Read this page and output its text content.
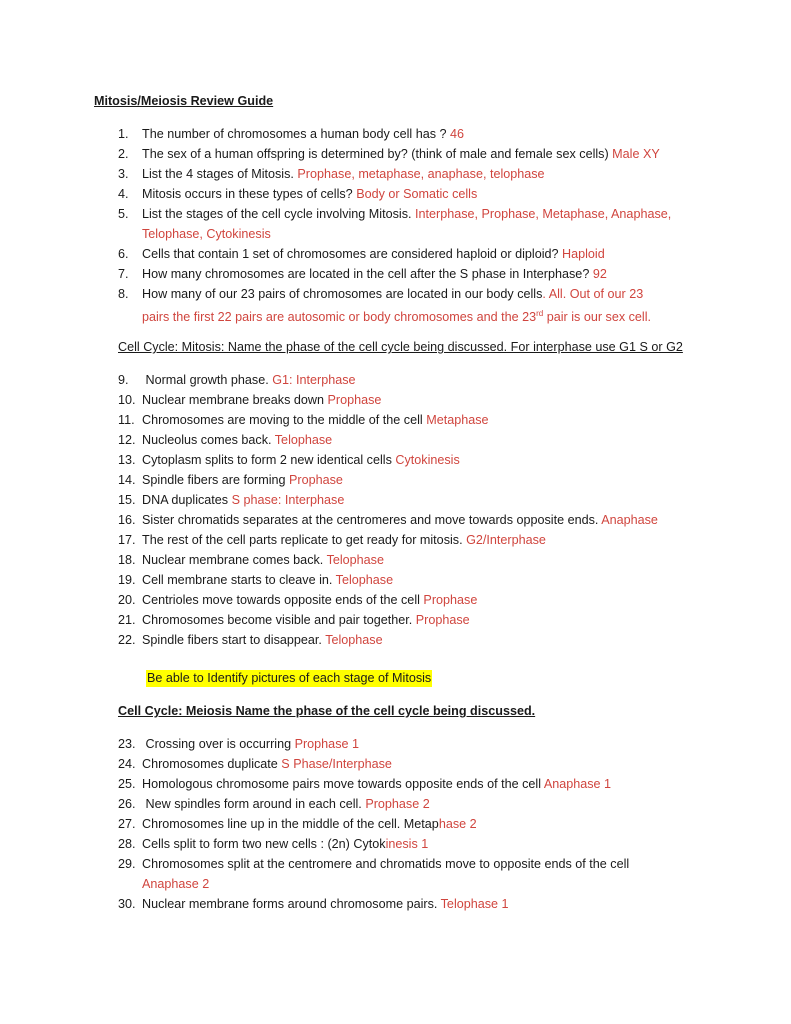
Mitosis/Meiosis Review Guide
1. The number of chromosomes a human body cell has ? 46
2. The sex of a human offspring is determined by? (think of male and female sex cells) Male XY
3. List the 4 stages of Mitosis. Prophase, metaphase, anaphase, telophase
4. Mitosis occurs in these types of cells? Body or Somatic cells
5. List the stages of the cell cycle involving Mitosis. Interphase, Prophase, Metaphase, Anaphase,
Telophase, Cytokinesis
6. Cells that contain 1 set of chromosomes are considered haploid or diploid? Haploid
7. How many chromosomes are located in the cell after the S phase in Interphase? 92
8. How many of our 23 pairs of chromosomes are located in our body cells. All. Out of our 23
pairs the first 22 pairs are autosomic or body chromosomes and the 23rd pair is our sex cell.
Cell Cycle: Mitosis: Name the phase of the cell cycle being discussed. For interphase use G1 S or G2
9. Normal growth phase. G1: Interphase
10. Nuclear membrane breaks down Prophase
11. Chromosomes are moving to the middle of the cell Metaphase
12. Nucleolus comes back. Telophase
13. Cytoplasm splits to form 2 new identical cells Cytokinesis
14. Spindle fibers are forming Prophase
15. DNA duplicates S phase: Interphase
16. Sister chromatids separates at the centromeres and move towards opposite ends. Anaphase
17. The rest of the cell parts replicate to get ready for mitosis. G2/Interphase
18. Nuclear membrane comes back. Telophase
19. Cell membrane starts to cleave in. Telophase
20. Centrioles move towards opposite ends of the cell Prophase
21. Chromosomes become visible and pair together. Prophase
22. Spindle fibers start to disappear. Telophase
Be able to Identify pictures of each stage of Mitosis
Cell Cycle: Meiosis Name the phase of the cell cycle being discussed.
23. Crossing over is occurring Prophase 1
24. Chromosomes duplicate S Phase/Interphase
25. Homologous chromosome pairs move towards opposite ends of the cell Anaphase 1
26. New spindles form around in each cell. Prophase 2
27. Chromosomes line up in the middle of the cell. Metaphase 2
28. Cells split to form two new cells : (2n) Cytokinesis 1
29. Chromosomes split at the centromere and chromatids move to opposite ends of the cell
Anaphase 2
30. Nuclear membrane forms around chromosome pairs. Telophase 1
